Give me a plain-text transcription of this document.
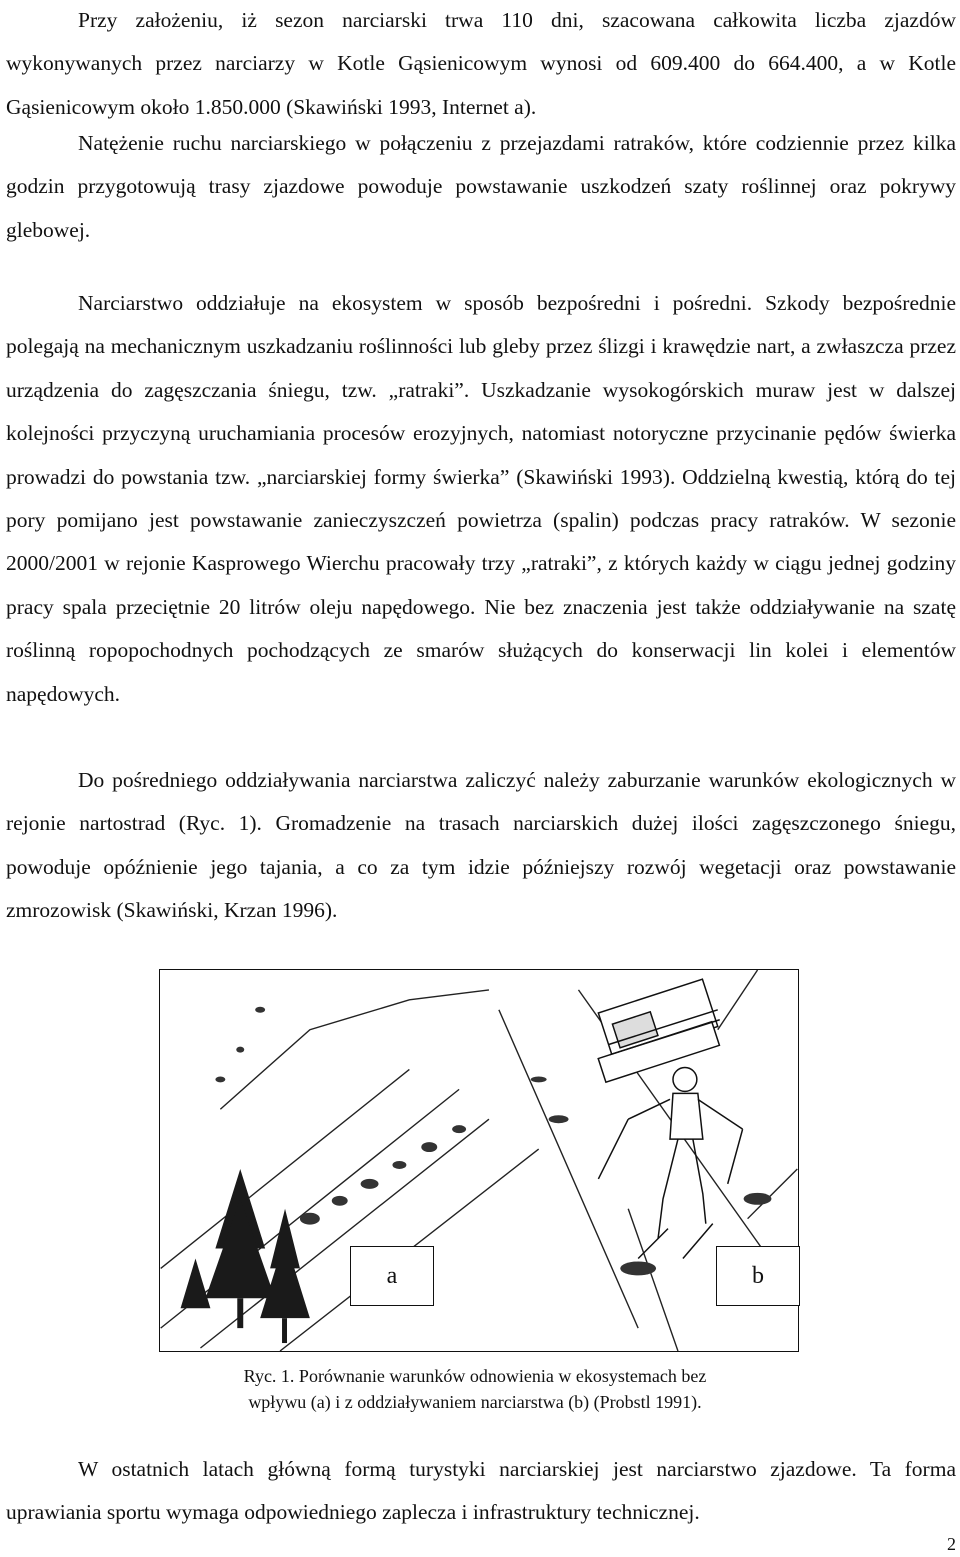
Przy założeniu, iż sezon narciarski trwa 110 dni, szacowana całkowita liczba zjazdów wykonywanych przez narciarzy w Kotle Gąsienicowym wynosi od 609.400 do 664.400, a w Kotle Gąsienicowym około 1.850.000 (Skawiński 1993, Internet a).

Natężenie ruchu narciarskiego w połączeniu z przejazdami ratraków, które codziennie przez kilka godzin przygotowują trasy zjazdowe powoduje powstawanie uszkodzeń szaty roślinnej oraz pokrywy glebowej.

Narciarstwo oddziałuje na ekosystem w sposób bezpośredni i pośredni. Szkody bezpośrednie polegają na mechanicznym uszkadzaniu roślinności lub gleby przez ślizgi i krawędzie nart, a zwłaszcza przez urządzenia do zagęszczania śniegu, tzw. „ratraki”. Uszkadzanie wysokogórskich muraw jest w dalszej kolejności przyczyną uruchamiania procesów erozyjnych, natomiast notoryczne przycinanie pędów świerka prowadzi do powstania tzw. „narciarskiej formy świerka” (Skawiński 1993). Oddzielną kwestią, którą do tej pory pomijano jest powstawanie zanieczyszczeń powietrza (spalin) podczas pracy ratraków. W sezonie 2000/2001 w rejonie Kasprowego Wierchu pracowały trzy „ratraki”, z których każdy w ciągu jednej godziny pracy spala przeciętnie 20 litrów oleju napędowego. Nie bez znaczenia jest także oddziaływanie na szatę roślinną ropopochodnych pochodzących ze smarów służących do konserwacji lin kolei i elementów napędowych.

Do pośredniego oddziaływania narciarstwa zaliczyć należy zaburzanie warunków ekologicznych w rejonie nartostrad (Ryc. 1). Gromadzenie na trasach narciarskich dużej ilości zagęszczonego śniegu, powoduje opóźnienie jego tajania, a co za tym idzie późniejszy rozwój wegetacji oraz powstawanie zmrozowisk (Skawiński, Krzan 1996).

W ostatnich latach główną formą turystyki narciarskiej jest narciarstwo zjazdowe. Ta forma uprawiania sportu wymaga odpowiedniego zaplecza i infrastruktury technicznej.

a	b
Ryc. 1. Porównanie warunków odnowienia w ekosystemach bez
wpływu (a) i z oddziaływaniem narciarstwa (b) (Probstl 1991).
2
